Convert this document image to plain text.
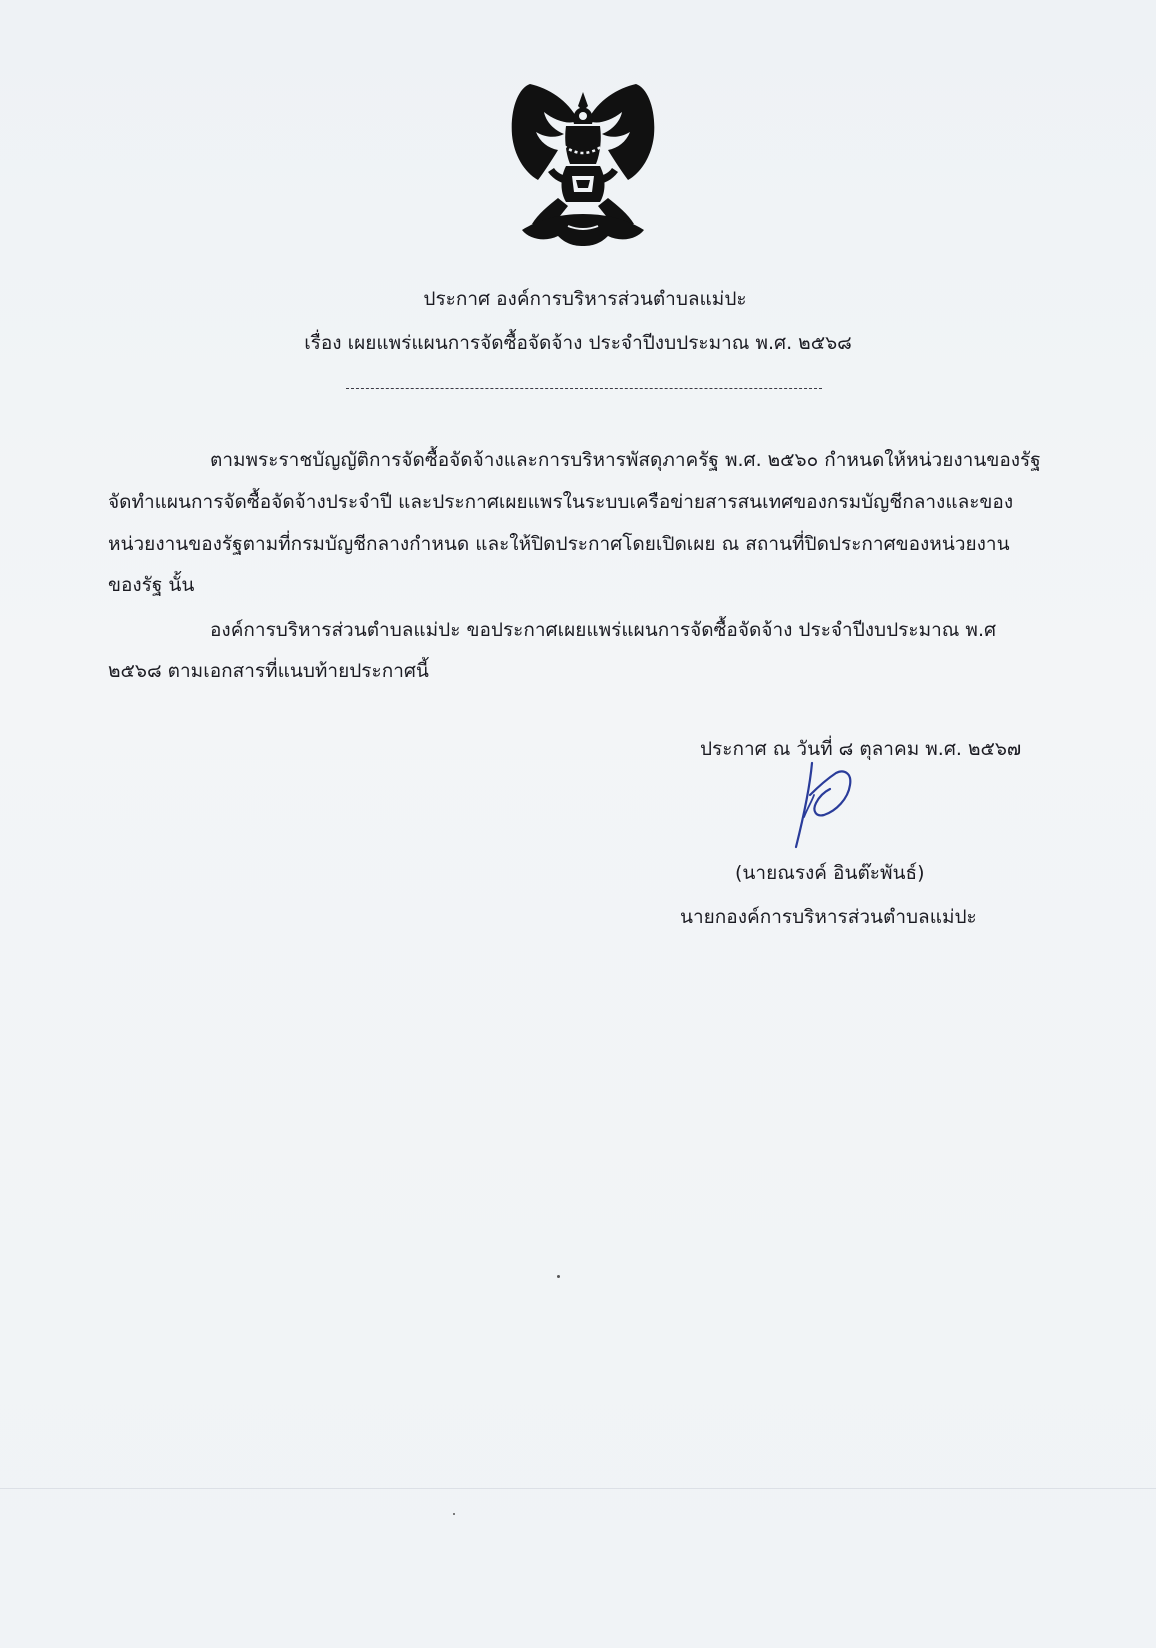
ประกาศ องค์การบริหารส่วนตำบลแม่ปะ
เรื่อง เผยแพร่แผนการจัดซื้อจัดจ้าง ประจำปีงบประมาณ พ.ศ. ๒๕๖๘
ตามพระราชบัญญัติการจัดซื้อจัดจ้างและการบริหารพัสดุภาครัฐ พ.ศ. ๒๕๖๐ กำหนดให้หน่วยงานของรัฐ
จัดทำแผนการจัดซื้อจัดจ้างประจำปี และประกาศเผยแพรในระบบเครือข่ายสารสนเทศของกรมบัญชีกลางและของ
หน่วยงานของรัฐตามที่กรมบัญชีกลางกำหนด และให้ปิดประกาศโดยเปิดเผย ณ สถานที่ปิดประกาศของหน่วยงาน
ของรัฐ นั้น
องค์การบริหารส่วนตำบลแม่ปะ ขอประกาศเผยแพร่แผนการจัดซื้อจัดจ้าง ประจำปีงบประมาณ พ.ศ
๒๕๖๘ ตามเอกสารที่แนบท้ายประกาศนี้
ประกาศ ณ วันที่ ๘ ตุลาคม พ.ศ. ๒๕๖๗
(นายณรงค์ อินต๊ะพันธ์)
นายกองค์การบริหารส่วนตำบลแม่ปะ
